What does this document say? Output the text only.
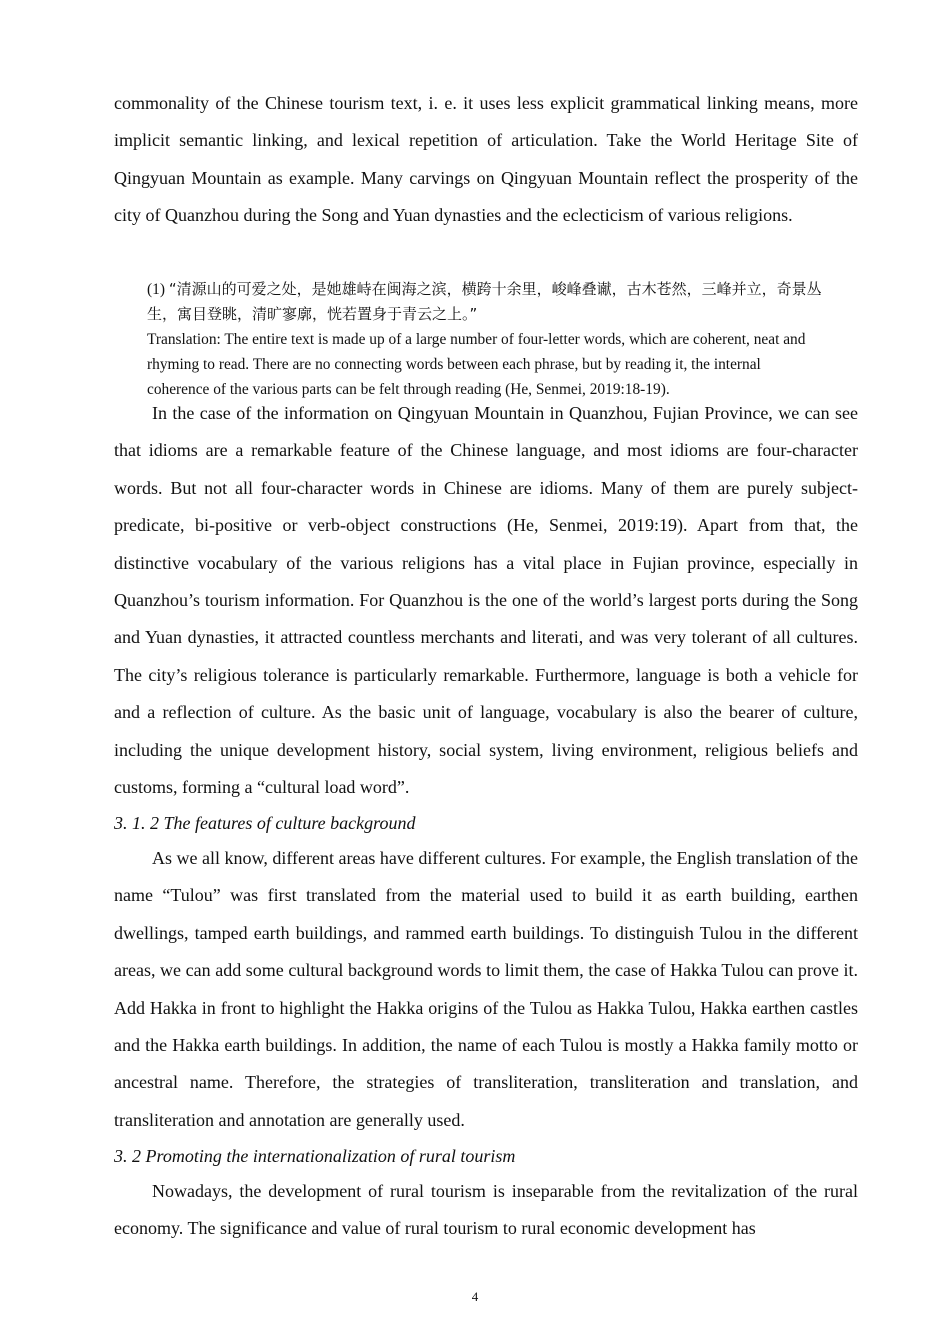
commonality of the Chinese tourism text, i. e. it uses less explicit grammatical linking means, more implicit semantic linking, and lexical repetition of articulation. Take the World Heritage Site of Qingyuan Mountain as example. Many carvings on Qingyuan Mountain reflect the prosperity of the city of Quanzhou during the Song and Yuan dynasties and the eclecticism of various religions.

(1) “清源山的可爱之处，是她雄峙在闽海之滨，横跨十余里，峻峰叠谳，古木苍然，三峰并立，奇景丛生，寓目登眺，清旷寥廓，恍若置身于青云之上。”
Translation: The entire text is made up of a large number of four-letter words, which are coherent, neat and rhyming to read. There are no connecting words between each phrase, but by reading it, the internal coherence of the various parts can be felt through reading (He, Senmei, 2019:18-19).

In the case of the information on Qingyuan Mountain in Quanzhou, Fujian Province, we can see that idioms are a remarkable feature of the Chinese language, and most idioms are four-character words. But not all four-character words in Chinese are idioms. Many of them are purely subject-predicate, bi-positive or verb-object constructions (He, Senmei, 2019:19). Apart from that, the distinctive vocabulary of the various religions has a vital place in Fujian province, especially in Quanzhou’s tourism information. For Quanzhou is the one of the world’s largest ports during the Song and Yuan dynasties, it attracted countless merchants and literati, and was very tolerant of all cultures. The city’s religious tolerance is particularly remarkable. Furthermore, language is both a vehicle for and a reflection of culture. As the basic unit of language, vocabulary is also the bearer of culture, including the unique development history, social system, living environment, religious beliefs and customs, forming a “cultural load word”.

3. 1. 2 The features of culture background

As we all know, different areas have different cultures. For example, the English translation of the name “Tulou” was first translated from the material used to build it as earth building, earthen dwellings, tamped earth buildings, and rammed earth buildings. To distinguish Tulou in the different areas, we can add some cultural background words to limit them, the case of Hakka Tulou can prove it. Add Hakka in front to highlight the Hakka origins of the Tulou as Hakka Tulou, Hakka earthen castles and the Hakka earth buildings. In addition, the name of each Tulou is mostly a Hakka family motto or ancestral name. Therefore, the strategies of transliteration, transliteration and translation, and transliteration and annotation are generally used.

3. 2 Promoting the internationalization of rural tourism

Nowadays, the development of rural tourism is inseparable from the revitalization of the rural economy. The significance and value of rural tourism to rural economic development has

4
